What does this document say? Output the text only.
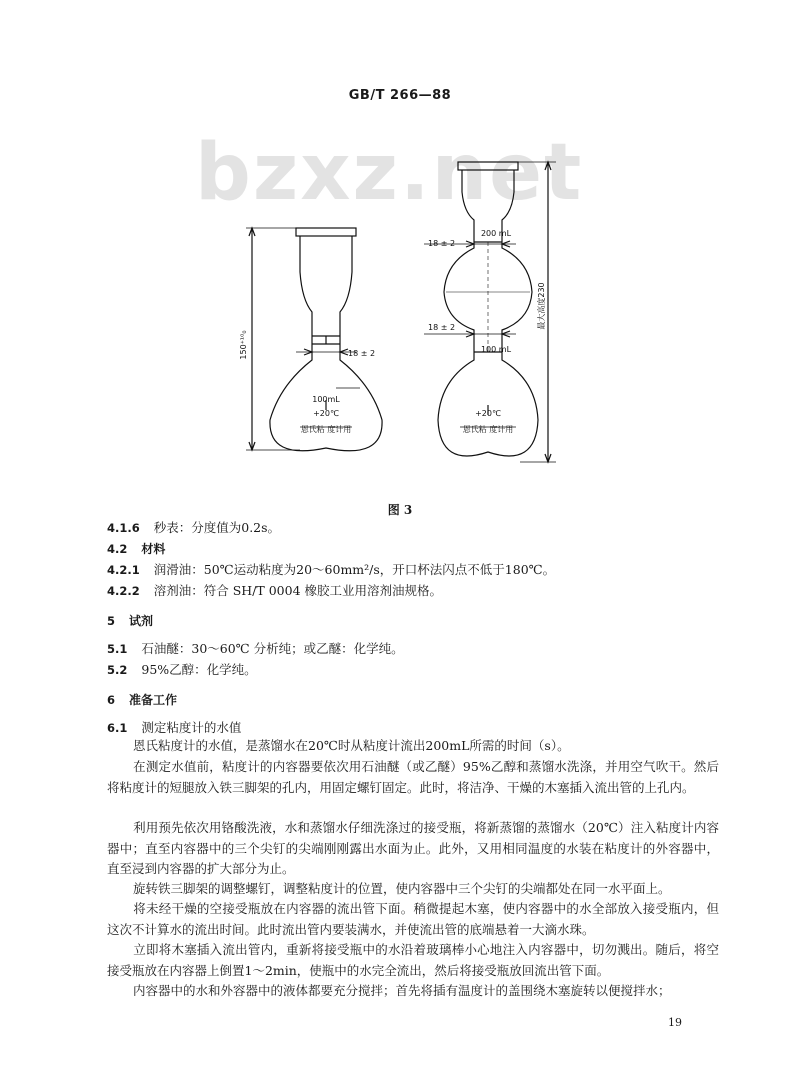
GB/T 266—88
bzxz.net
150⁺¹⁰₀	18 ± 2
100mL
+20℃
恩氏粘 度计用
200 mL
18 ± 2
18 ± 2
100 mL
最大高度230
+20℃
恩氏粘 度计用
图 3
4.1.6 秒表：分度值为0.2s。
4.2 材料
4.2.1 润滑油：50℃运动粘度为20～60mm²/s，开口杯法闪点不低于180℃。
4.2.2 溶剂油：符合 SH/T 0004 橡胶工业用溶剂油规格。
5 试剂
5.1 石油醚：30～60℃ 分析纯；或乙醚：化学纯。
5.2 95%乙醇：化学纯。
6 准备工作
6.1 测定粘度计的水值
恩氏粘度计的水值，是蒸馏水在20℃时从粘度计流出200mL所需的时间（s）。
在测定水值前，粘度计的内容器要依次用石油醚（或乙醚）95%乙醇和蒸馏水洗涤，并用空气吹干。然后将粘度计的短腿放入铁三脚架的孔内，用固定螺钉固定。此时，将洁净、干燥的木塞插入流出管的上孔内。
利用预先依次用铬酸洗液，水和蒸馏水仔细洗涤过的接受瓶，将新蒸馏的蒸馏水（20℃）注入粘度计内容器中；直至内容器中的三个尖钉的尖端刚刚露出水面为止。此外，又用相同温度的水装在粘度计的外容器中，直至浸到内容器的扩大部分为止。
旋转铁三脚架的调整螺钉，调整粘度计的位置，使内容器中三个尖钉的尖端都处在同一水平面上。
将未经干燥的空接受瓶放在内容器的流出管下面。稍微提起木塞，使内容器中的水全部放入接受瓶内，但这次不计算水的流出时间。此时流出管内要装满水，并使流出管的底端悬着一大滴水珠。
立即将木塞插入流出管内，重新将接受瓶中的水沿着玻璃棒小心地注入内容器中，切勿溅出。随后，将空接受瓶放在内容器上倒置1～2min，使瓶中的水完全流出，然后将接受瓶放回流出管下面。
内容器中的水和外容器中的液体都要充分搅拌；首先将插有温度计的盖围绕木塞旋转以便搅拌水；
19
